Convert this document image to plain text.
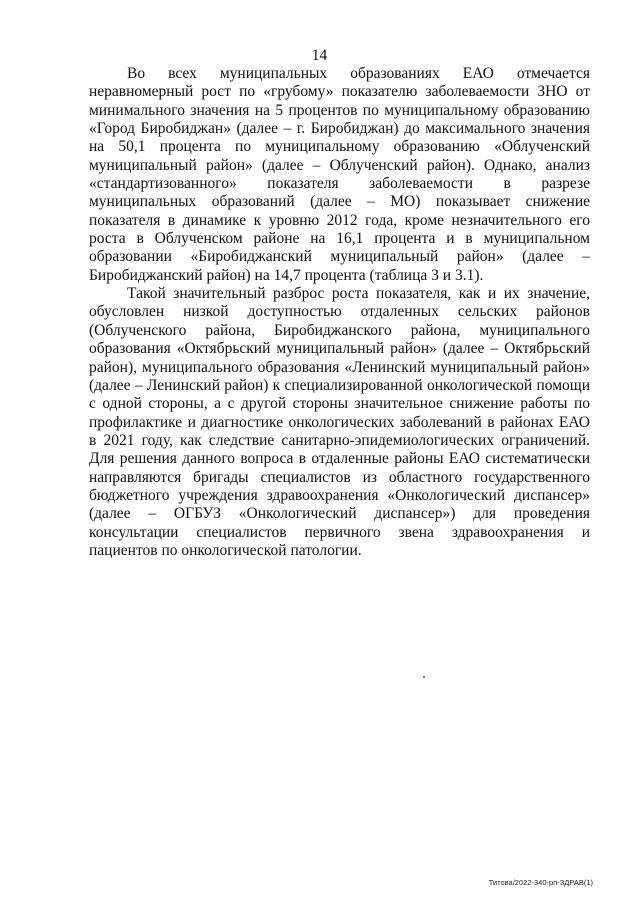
14

Во всех муниципальных образованиях ЕАО отмечается неравномерный рост по «грубому» показателю заболеваемости ЗНО от минимального значения на 5 процентов по муниципальному образованию «Город Биробиджан» (далее – г. Биробиджан) до максимального значения на 50,1 процента по муниципальному образованию «Облученский муниципальный район» (далее – Облученский район). Однако, анализ «стандартизованного» показателя заболеваемости в разрезе муниципальных образований (далее – МО) показывает снижение показателя в динамике к уровню 2012 года, кроме незначительного его роста в Облученском районе на 16,1 процента и в муниципальном образовании «Биробиджанский муниципальный район» (далее – Биробиджанский район) на 14,7 процента (таблица 3 и 3.1).

Такой значительный разброс роста показателя, как и их значение, обусловлен низкой доступностью отдаленных сельских районов (Облученского района, Биробиджанского района, муниципального образования «Октябрьский муниципальный район» (далее – Октябрьский район), муниципального образования «Ленинский муниципальный район» (далее – Ленинский район) к специализированной онкологической помощи с одной стороны, а с другой стороны значительное снижение работы по профилактике и диагностике онкологических заболеваний в районах ЕАО в 2021 году, как следствие санитарно-эпидемиологических ограничений. Для решения данного вопроса в отдаленные районы ЕАО систематически направляются бригады специалистов из областного государственного бюджетного учреждения здравоохранения «Онкологический диспансер» (далее – ОГБУЗ «Онкологический диспансер») для проведения консультации специалистов первичного звена здравоохранения и пациентов по онкологической патологии.

Титова/2022-340-рп-ЗДРАВ(1)
